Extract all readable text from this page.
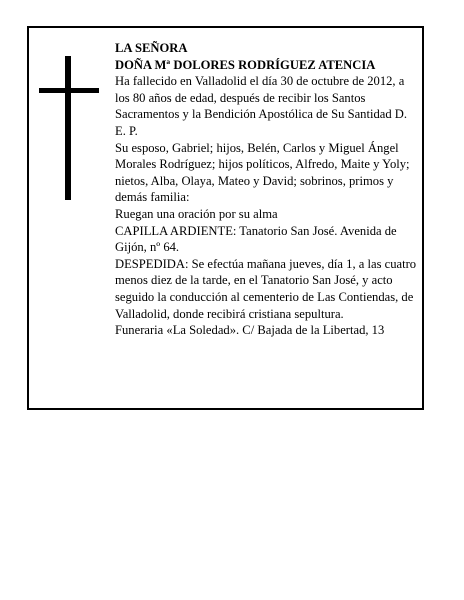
LA SEÑORA

DOÑA Mª DOLORES RODRÍGUEZ ATENCIA

Ha fallecido en Valladolid el día 30 de octubre de 2012, a los 80 años de edad, después de recibir los Santos Sacramentos y la Bendición Apostólica de Su Santidad D. E. P.

Su esposo, Gabriel; hijos, Belén, Carlos y Miguel Ángel Morales Rodríguez; hijos políticos, Alfredo, Maite y Yoly; nietos, Alba, Olaya, Mateo y David; sobrinos, primos y demás familia:

Ruegan una oración por su alma

CAPILLA ARDIENTE: Tanatorio San José. Avenida de Gijón, nº 64.

DESPEDIDA: Se efectúa mañana jueves, día 1, a las cuatro menos diez de la tarde, en el Tanatorio San José, y acto seguido la conducción al cementerio de Las Contiendas, de Valladolid, donde recibirá cristiana sepultura.

Funeraria «La Soledad». C/ Bajada de la Libertad, 13
